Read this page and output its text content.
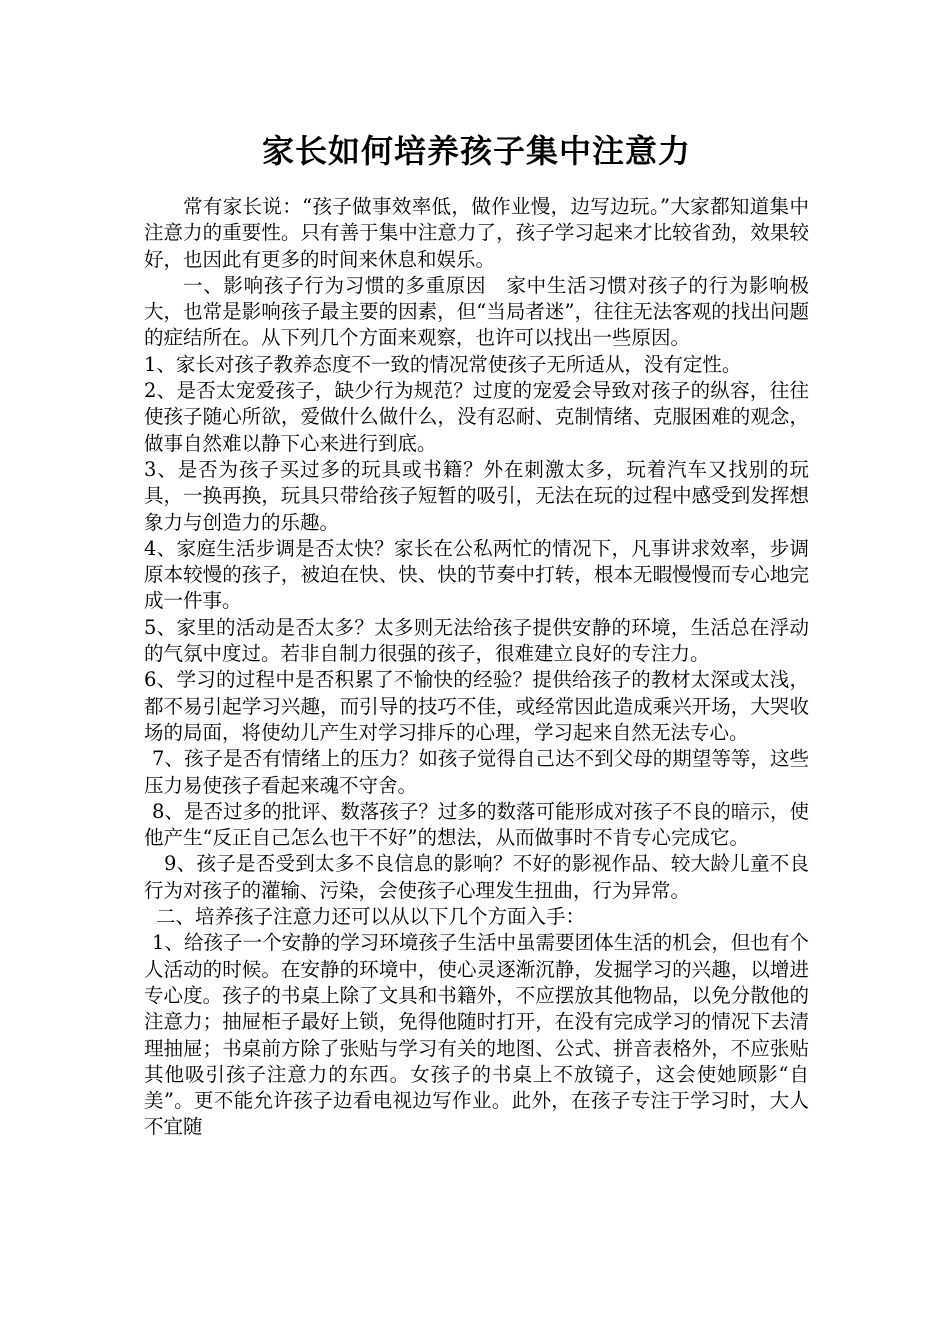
家长如何培养孩子集中注意力

常有家长说：“孩子做事效率低，做作业慢，边写边玩。”大家都知道集中注意力的重要性。只有善于集中注意力了，孩子学习起来才比较省劲，效果较好，也因此有更多的时间来休息和娱乐。

一、影响孩子行为习惯的多重原因　家中生活习惯对孩子的行为影响极大，也常是影响孩子最主要的因素，但“当局者迷”，往往无法客观的找出问题的症结所在。从下列几个方面来观察，也许可以找出一些原因。

1、家长对孩子教养态度不一致的情况常使孩子无所适从，没有定性。

2、是否太宠爱孩子，缺少行为规范？过度的宠爱会导致对孩子的纵容，往往使孩子随心所欲，爱做什么做什么，没有忍耐、克制情绪、克服困难的观念，做事自然难以静下心来进行到底。

3、是否为孩子买过多的玩具或书籍？外在刺激太多，玩着汽车又找别的玩具，一换再换，玩具只带给孩子短暂的吸引，无法在玩的过程中感受到发挥想象力与创造力的乐趣。

4、家庭生活步调是否太快？家长在公私两忙的情况下，凡事讲求效率，步调原本较慢的孩子，被迫在快、快、快的节奏中打转，根本无暇慢慢而专心地完成一件事。

5、家里的活动是否太多？太多则无法给孩子提供安静的环境，生活总在浮动的气氛中度过。若非自制力很强的孩子，很难建立良好的专注力。

6、学习的过程中是否积累了不愉快的经验？提供给孩子的教材太深或太浅，都不易引起学习兴趣，而引导的技巧不佳，或经常因此造成乘兴开场，大哭收场的局面，将使幼儿产生对学习排斥的心理，学习起来自然无法专心。

7、孩子是否有情绪上的压力？如孩子觉得自己达不到父母的期望等等，这些压力易使孩子看起来魂不守舍。

8、是否过多的批评、数落孩子？过多的数落可能形成对孩子不良的暗示，使他产生“反正自己怎么也干不好”的想法，从而做事时不肯专心完成它。

9、孩子是否受到太多不良信息的影响？不好的影视作品、较大龄儿童不良行为对孩子的灌输、污染，会使孩子心理发生扭曲，行为异常。

二、培养孩子注意力还可以从以下几个方面入手：

1、给孩子一个安静的学习环境孩子生活中虽需要团体生活的机会，但也有个人活动的时候。在安静的环境中，使心灵逐渐沉静，发掘学习的兴趣，以增进专心度。孩子的书桌上除了文具和书籍外，不应摆放其他物品，以免分散他的注意力；抽屉柜子最好上锁，免得他随时打开，在没有完成学习的情况下去清理抽屉；书桌前方除了张贴与学习有关的地图、公式、拼音表格外，不应张贴其他吸引孩子注意力的东西。女孩子的书桌上不放镜子，这会使她顾影“自美”。更不能允许孩子边看电视边写作业。此外，在孩子专注于学习时，大人不宜随
